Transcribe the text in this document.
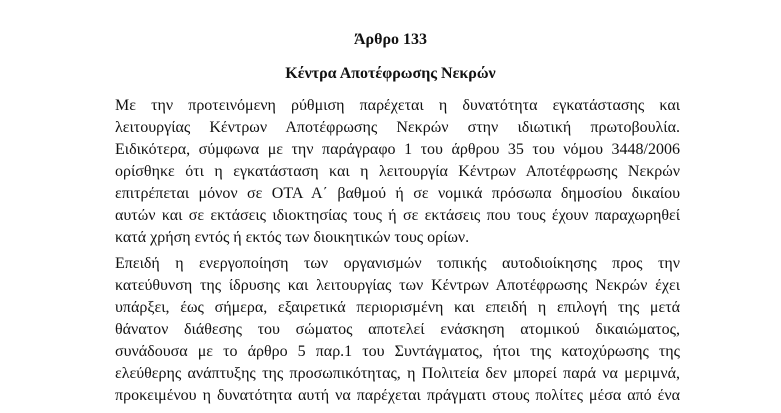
Άρθρο 133
Κέντρα Αποτέφρωσης Νεκρών

Με την προτεινόμενη ρύθμιση παρέχεται η δυνατότητα εγκατάστασης και
λειτουργίας Κέντρων Αποτέφρωσης Νεκρών στην ιδιωτική πρωτοβουλία.
Ειδικότερα, σύμφωνα με την παράγραφο 1 του άρθρου 35 του νόμου 3448/2006
ορίσθηκε ότι η εγκατάσταση και η λειτουργία Κέντρων Αποτέφρωσης Νεκρών
επιτρέπεται μόνον σε ΟΤΑ Α΄ βαθμού ή σε νομικά πρόσωπα δημοσίου δικαίου
αυτών και σε εκτάσεις ιδιοκτησίας τους ή σε εκτάσεις που τους έχουν παραχωρηθεί
κατά χρήση εντός ή εκτός των διοικητικών τους ορίων.

Επειδή η ενεργοποίηση των οργανισμών τοπικής αυτοδιοίκησης προς την
κατεύθυνση της ίδρυσης και λειτουργίας των Κέντρων Αποτέφρωσης Νεκρών έχει
υπάρξει, έως σήμερα, εξαιρετικά περιορισμένη και επειδή η επιλογή της μετά
θάνατον διάθεσης του σώματος αποτελεί ενάσκηση ατομικού δικαιώματος,
συνάδουσα με το άρθρο 5 παρ.1 του Συντάγματος, ήτοι της κατοχύρωσης της
ελεύθερης ανάπτυξης της προσωπικότητας, η Πολιτεία δεν μπορεί παρά να μεριμνά,
προκειμένου η δυνατότητα αυτή να παρέχεται πράγματι στους πολίτες μέσα από ένα
